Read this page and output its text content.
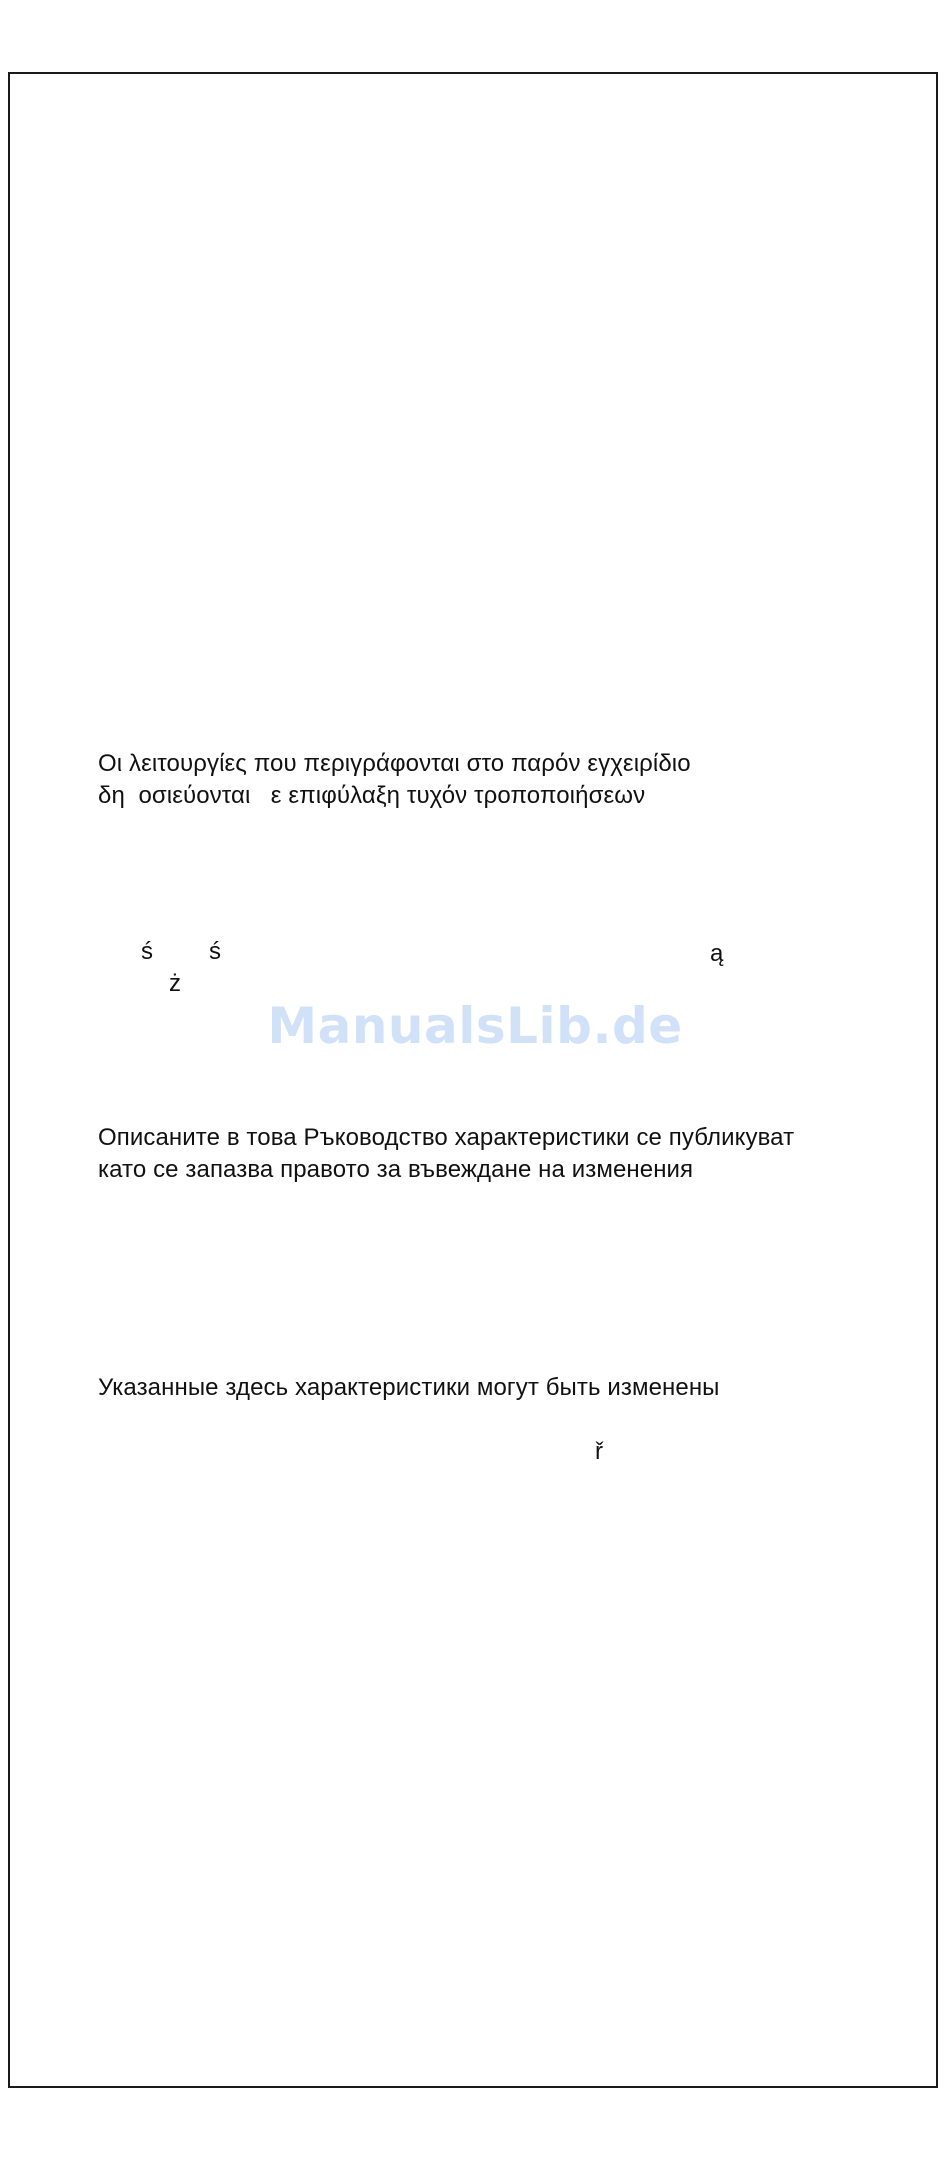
Οι λειτουργίες που περιγράφονται στο παρόν εγχειρίδιο
δη  οσιεύονται   ε επιφύλαξη τυχόν τροποποιήσεων
ś ś
ż
ą
ManualsLib.de
Описаните в това Ръководство характеристики се публикуват
като се запазва правото за въвеждане на изменения
Указанные здесь характеристики могут быть изменены
ř
